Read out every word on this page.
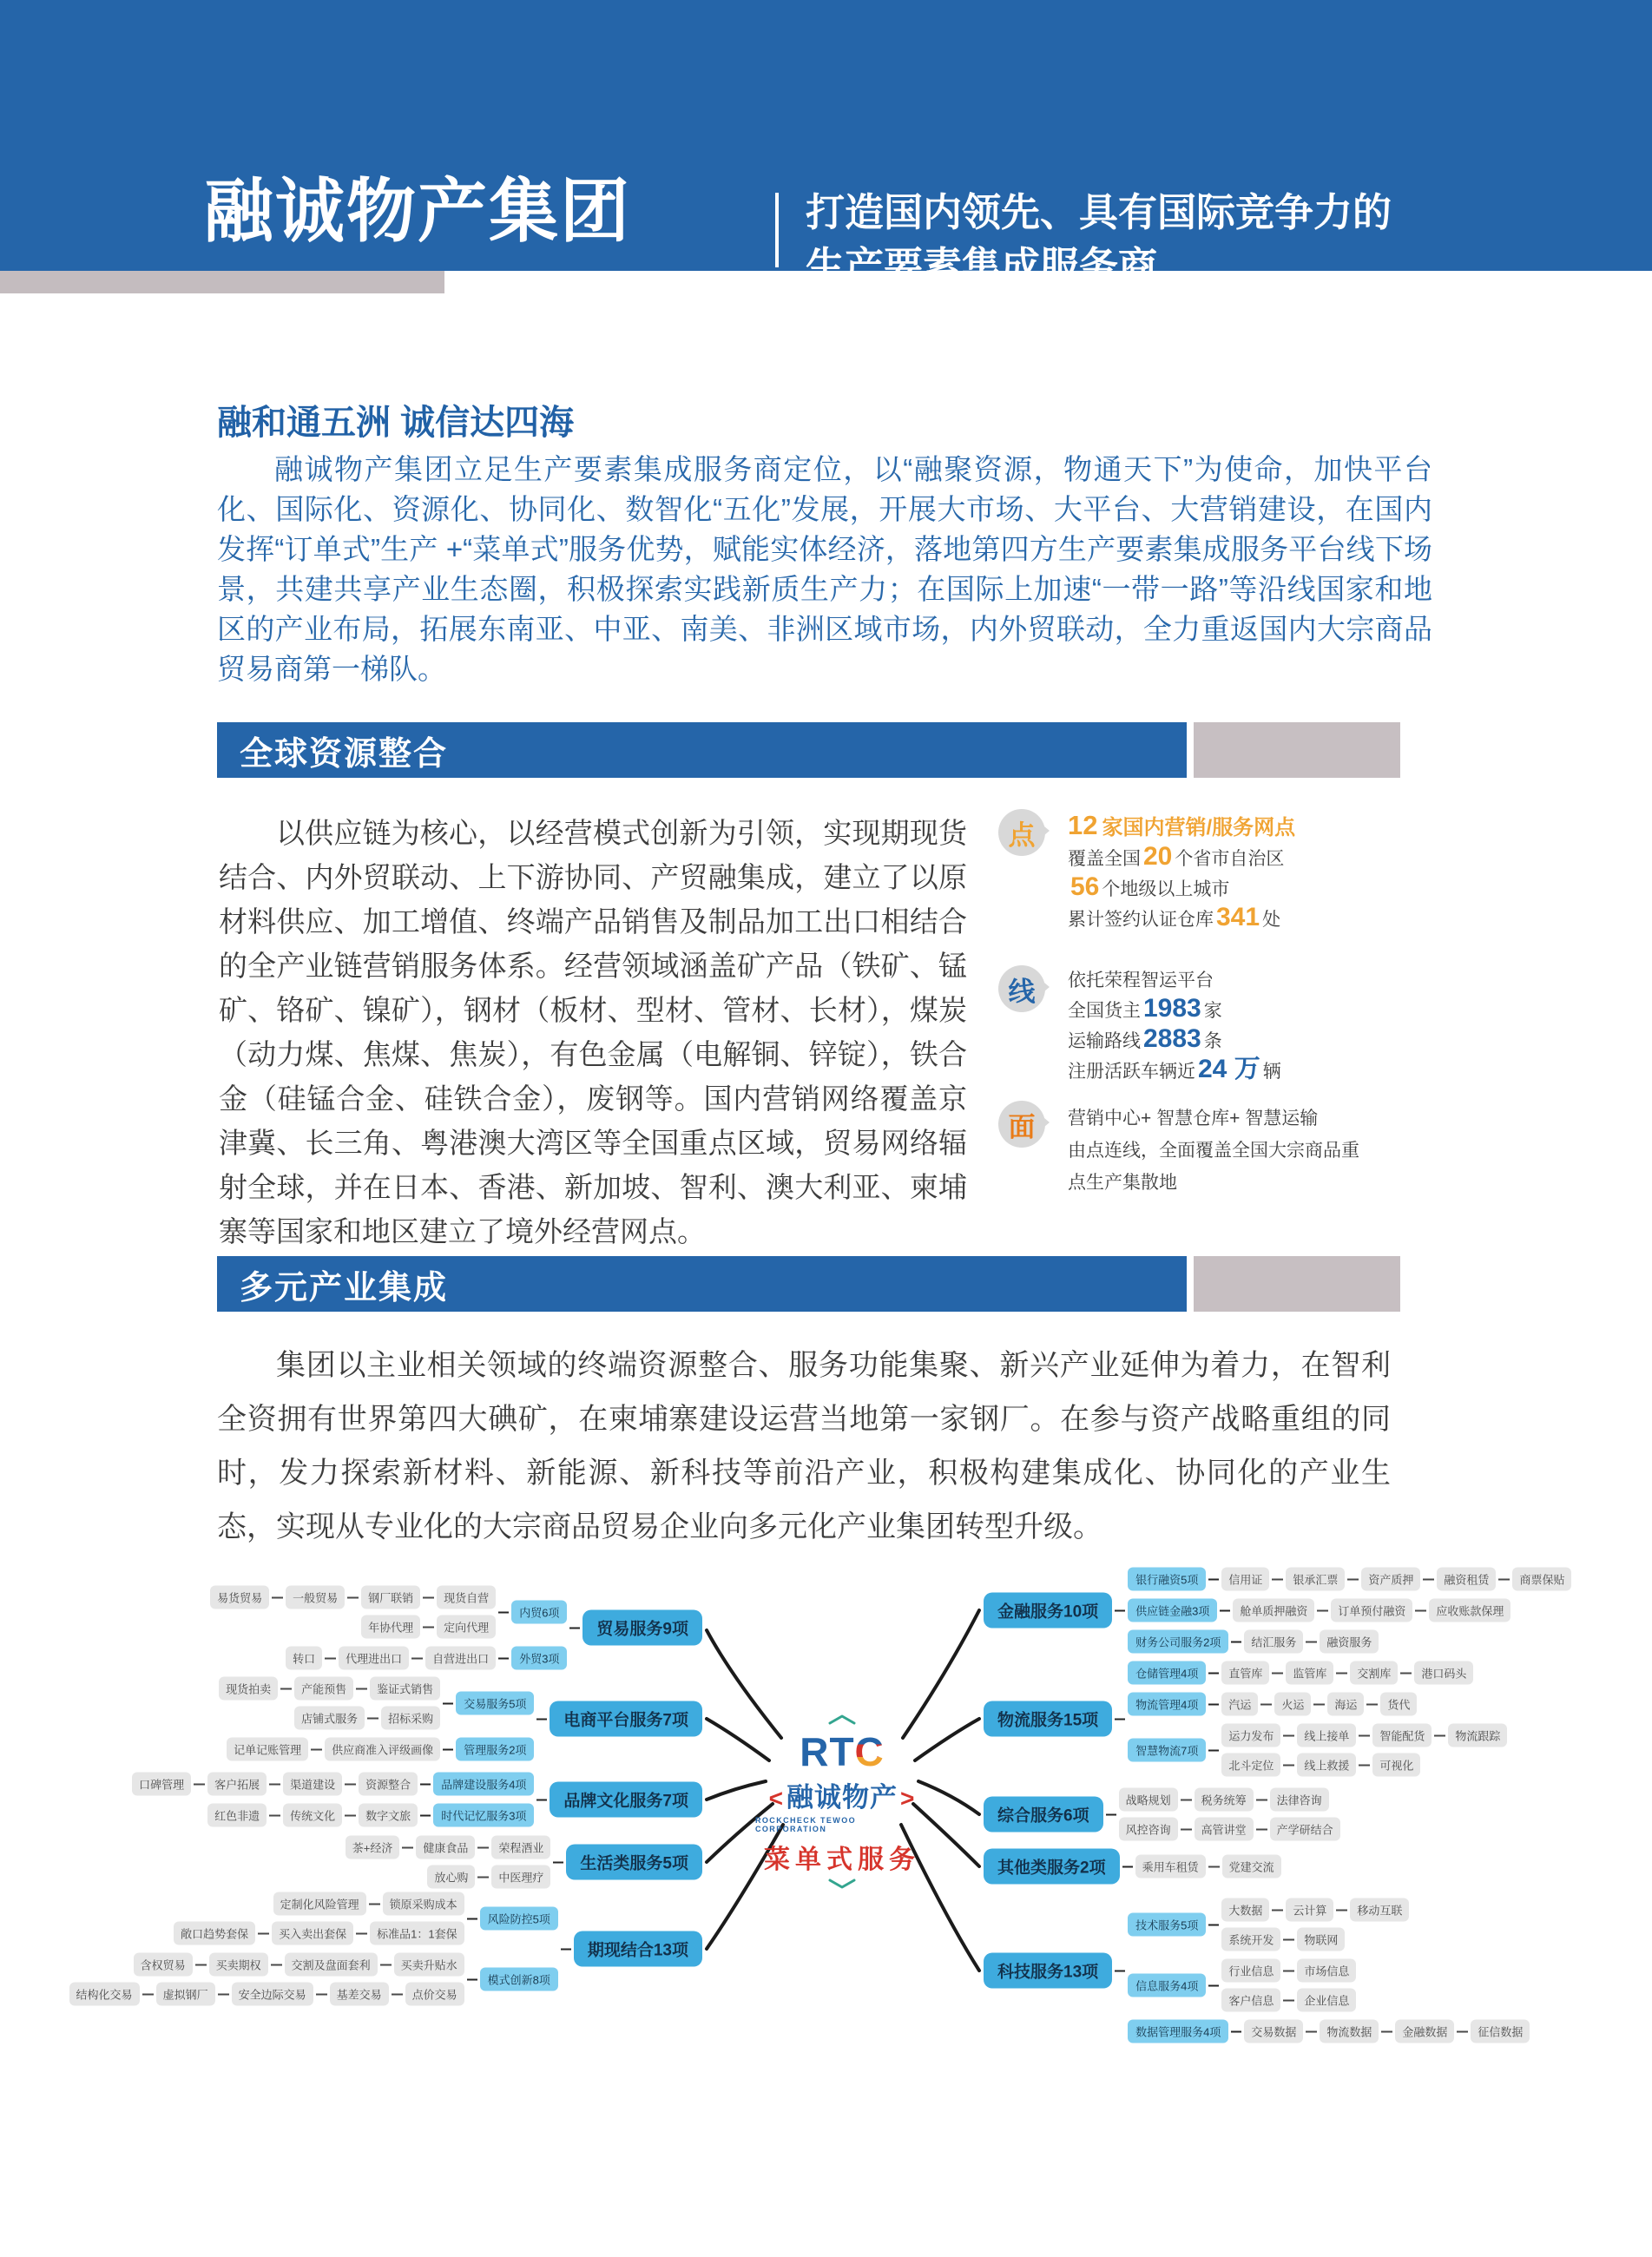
融诚物产集团	打造国内领先、具有国际竞争力的
生产要素集成服务商
融和通五洲 诚信达四海
融诚物产集团立足生产要素集成服务商定位，以“融聚资源，物通天下”为使命，加快平台化、国际化、资源化、协同化、数智化“五化”发展，开展大市场、大平台、大营销建设，在国内发挥“订单式”生产 +“菜单式”服务优势，赋能实体经济，落地第四方生产要素集成服务平台线下场景，共建共享产业生态圈，积极探索实践新质生产力；在国际上加速“一带一路”等沿线国家和地区的产业布局，拓展东南亚、中亚、南美、非洲区域市场，内外贸联动，全力重返国内大宗商品贸易商第一梯队。
全球资源整合
以供应链为核心，以经营模式创新为引领，实现期现货结合、内外贸联动、上下游协同、产贸融集成，建立了以原材料供应、加工增值、终端产品销售及制品加工出口相结合的全产业链营销服务体系。经营领域涵盖矿产品（铁矿、锰矿、铬矿、镍矿），钢材（板材、型材、管材、长材），煤炭（动力煤、焦煤、焦炭），有色金属（电解铜、锌锭），铁合金（硅锰合金、硅铁合金），废钢等。国内营销网络覆盖京津冀、长三角、粤港澳大湾区等全国重点区域，贸易网络辐射全球，并在日本、香港、新加坡、智利、澳大利亚、柬埔寨等国家和地区建立了境外经营网点。
点	12 家国内营销/服务网点
覆盖全国 20 个省市自治区
56 个地级以上城市
累计签约认证仓库 341 处
线	依托荣程智运平台
全国货主 1983 家
运输路线 2883 条
注册活跃车辆近 24 万 辆
面	营销中心+ 智慧仓库+ 智慧运输
由点连线，全面覆盖全国大宗商品重
点生产集散地
多元产业集成
集团以主业相关领域的终端资源整合、服务功能集聚、新兴产业延伸为着力，在智利全资拥有世界第四大碘矿，在柬埔寨建设运营当地第一家钢厂。在参与资产战略重组的同时，发力探索新材料、新能源、新科技等前沿产业，积极构建集成化、协同化的产业生态，实现从专业化的大宗商品贸易企业向多元化产业集团转型升级。
RTC
<融诚物产 >
ROCKCHECK TEWOO CORPORATION
菜单式服务
易货贸易	一般贸易	钢厂联销	现货自营
年协代理	定向代理
内贸6项
转口	代理进出口	自营进出口	外贸3项
贸易服务9项
现货拍卖	产能预售	鉴证式销售
店铺式服务	招标采购
交易服务5项
记单记账管理	供应商准入评级画像	管理服务2项
电商平台服务7项
口碑管理	客户拓展	渠道建设	资源整合	品牌建设服务4项
红色非遗	传统文化	数字文旅	时代记忆服务3项
品牌文化服务7项
茶+经济	健康食品	荣程酒业
放心购	中医理疗
生活类服务5项
定制化风险管理	锁原采购成本
敞口趋势套保	买入卖出套保	标准品1：1套保
风险防控5项
含权贸易	买卖期权	交割及盘面套利	买卖升贴水
结构化交易	虚拟钢厂	安全边际交易	基差交易	点价交易
模式创新8项
期现结合13项
金融服务10项
银行融资5项	信用证	银承汇票	资产质押	融资租赁	商票保贴
供应链金融3项	舱单质押融资	订单预付融资	应收账款保理
财务公司服务2项	结汇服务	融资服务
物流服务15项
仓储管理4项	直管库	监管库	交割库	港口码头
物流管理4项	汽运	火运	海运	货代
智慧物流7项
运力发布	线上接单	智能配货	物流跟踪
北斗定位	线上救援	可视化
综合服务6项
战略规划	税务统筹	法律咨询
风控咨询	高管讲堂	产学研结合
其他类服务2项	乘用车租赁	党建交流
科技服务13项
技术服务5项
大数据	云计算	移动互联
系统开发	物联网
信息服务4项
行业信息	市场信息
客户信息	企业信息
数据管理服务4项	交易数据	物流数据	金融数据	征信数据
